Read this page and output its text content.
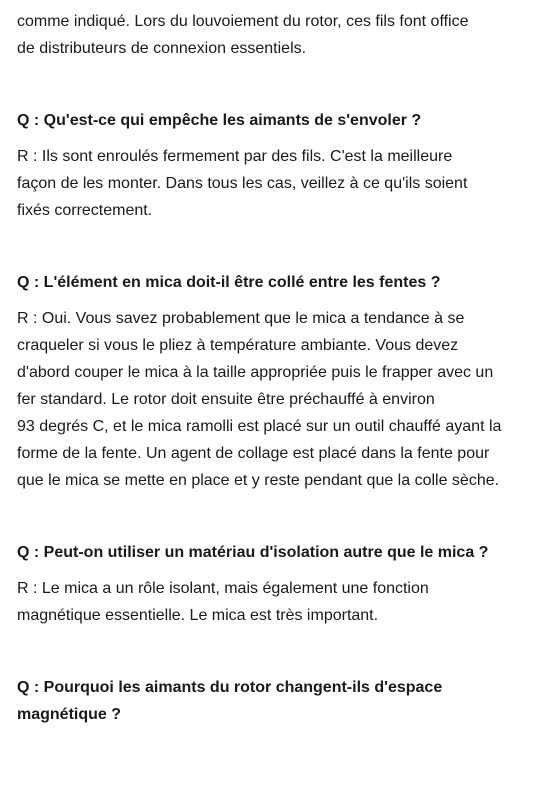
comme indiqué. Lors du louvoiement du rotor, ces fils font office
de distributeurs de connexion essentiels.
Q : Qu'est-ce qui empêche les aimants de s'envoler ?
R : Ils sont enroulés fermement par des fils. C'est la meilleure
façon de les monter. Dans tous les cas, veillez à ce qu'ils soient
fixés correctement.
Q : L'élément en mica doit-il être collé entre les fentes ?
R : Oui. Vous savez probablement que le mica a tendance à se
craqueler si vous le pliez à température ambiante. Vous devez
d'abord couper le mica à la taille appropriée puis le frapper avec un
fer standard. Le rotor doit ensuite être préchauffé à environ
93 degrés C, et le mica ramolli est placé sur un outil chauffé ayant la
forme de la fente. Un agent de collage est placé dans la fente pour
que le mica se mette en place et y reste pendant que la colle sèche.
Q : Peut-on utiliser un matériau d'isolation autre que le mica ?
R : Le mica a un rôle isolant, mais également une fonction
magnétique essentielle. Le mica est très important.
Q : Pourquoi les aimants du rotor changent-ils d'espace
magnétique ?
